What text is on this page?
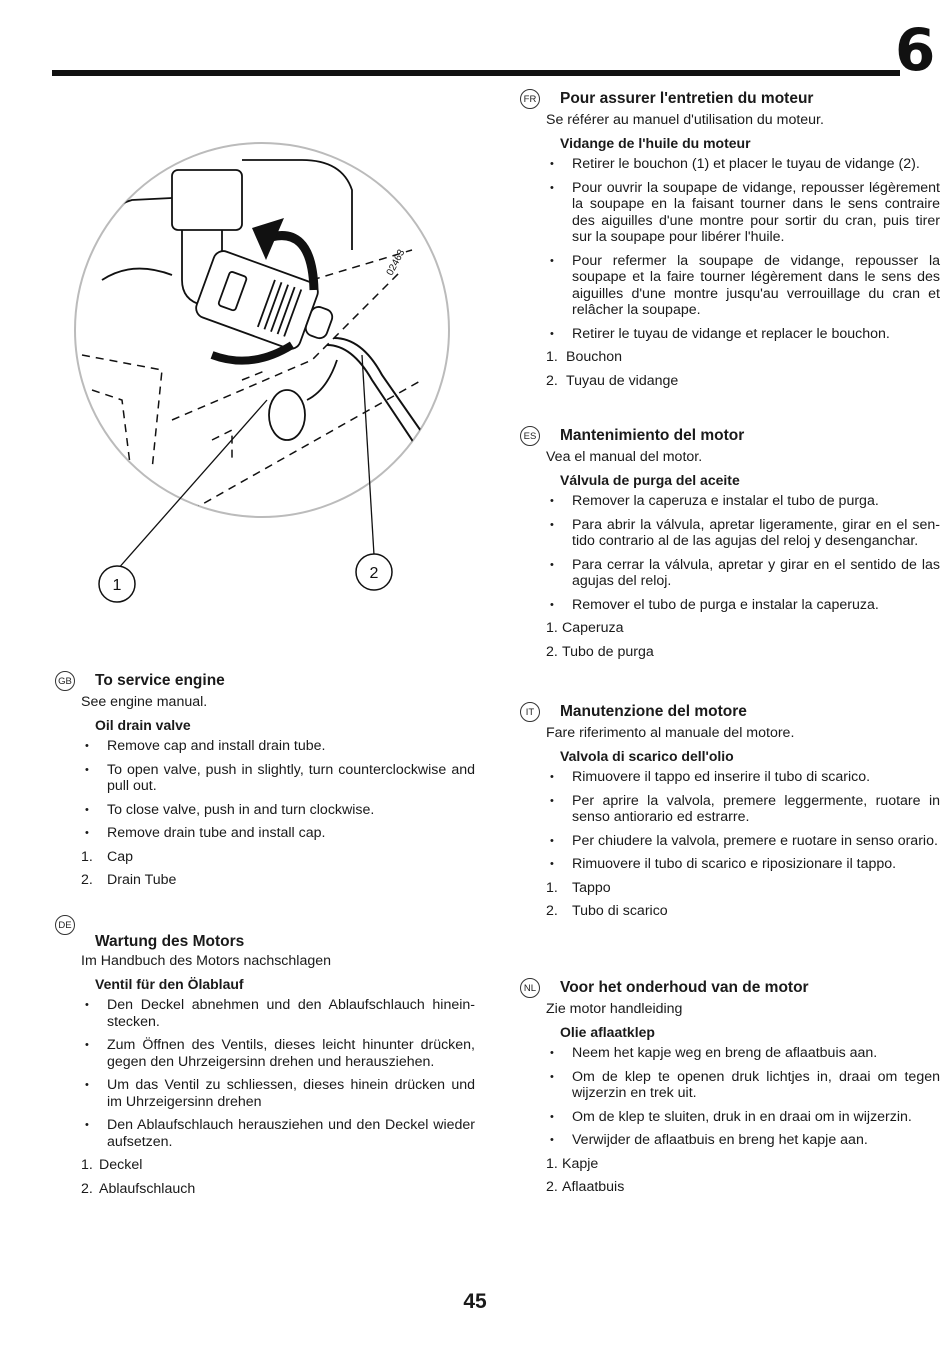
6
02463
1
2
GB To service engine

See engine manual.

Oil drain valve

• Remove cap and install drain tube.
• To open valve, push in slightly, turn counterclockwise and pull out.
• To close valve, push in and turn clockwise.
• Remove drain tube and install cap.
1. Cap
2. Drain Tube
DE
Wartung des Motors

Im Handbuch des Motors nachschlagen

Ventil für den Ölablauf

• Den Deckel abnehmen und den Ablaufschlauch hinein-stecken.
• Zum Öffnen des Ventils, dieses leicht hinunter drücken, gegen den Uhrzeigersinn drehen und herausziehen.
• Um das Ventil zu schliessen, dieses hinein drücken und im Uhrzeigersinn drehen
• Den Ablaufschlauch herausziehen und den Deckel wieder aufsetzen.
1. Deckel
2. Ablaufschlauch
FR Pour assurer l'entretien du moteur

Se référer au manuel d'utilisation du moteur.

Vidange de l'huile du moteur

• Retirer le bouchon (1) et placer le tuyau de vidange (2).
• Pour ouvrir la soupape de vidange, repousser légèrement la soupape en la faisant tourner dans le sens contraire des aiguilles d'une montre pour sortir du cran, puis tirer sur la soupape pour libérer l'huile.
• Pour refermer la soupape de vidange, repousser la soupape et la faire tourner légèrement dans le sens des aiguilles d'une montre jusqu'au verrouillage du cran et relâcher la soupape.
• Retirer le tuyau de vidange et replacer le bouchon.
1. Bouchon
2. Tuyau de vidange
ES Mantenimiento del motor

Vea el manual del motor.

Válvula de purga del aceite

• Remover la caperuza e instalar el tubo de purga.
• Para abrir la válvula, apretar ligeramente, girar en el sen-tido contrario al de las agujas del reloj y desenganchar.
• Para cerrar la válvula, apretar y girar en el sentido de las agujas del reloj.
• Remover el tubo de purga e instalar la caperuza.
1. Caperuza
2. Tubo de purga
IT	Manutenzione del motore

Fare riferimento al manuale del motore.

Valvola di scarico dell'olio

• Rimuovere il tappo ed inserire il tubo di scarico.
• Per aprire la valvola, premere leggermente, ruotare in senso antiorario ed estrarre.
• Per chiudere la valvola, premere e ruotare in senso orario.
• Rimuovere il tubo di scarico e riposizionare il tappo.
1. Tappo
2. Tubo di scarico
NL Voor het onderhoud van de motor

Zie motor handleiding

Olie aflaatklep

• Neem het kapje weg en breng de aflaatbuis aan.
• Om de klep te openen druk lichtjes in, draai om tegen wijzerzin en trek uit.
• Om de klep te sluiten, druk in en draai om in wijzerzin.
• Verwijder de aflaatbuis en breng het kapje aan.
1. Kapje
2. Aflaatbuis
45
